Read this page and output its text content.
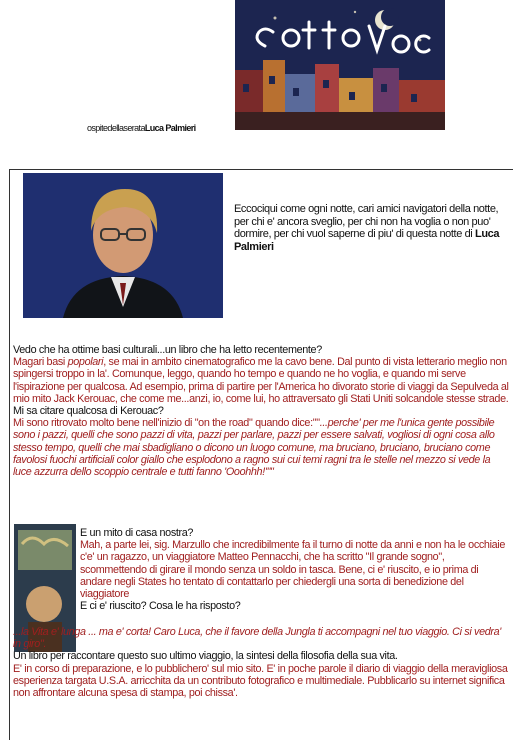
ospitedellaserataLuca Palmieri
Eccociqui come ogni notte, cari amici navigatori della notte, per chi e' ancora sveglio, per chi non ha voglia o non puo' dormire, per chi vuol saperne di piu' di questa notte di Luca Palmieri
Vedo che ha ottime basi culturali...un libro che ha letto recentemente?
Magari basi popolari, se mai in ambito cinematografico me la cavo bene. Dal punto di vista letterario meglio non spingersi troppo in la'. Comunque, leggo, quando ho tempo e quando ne ho voglia, e quando mi serve l'ispirazione per qualcosa. Ad esempio, prima di partire per l'America ho divorato storie di viaggi da Sepulveda al mio mito Jack Kerouac, che come me...anzi, io, come lui, ho attraversato gli Stati Uniti solcandole stesse strade.
Mi sa citare qualcosa di Kerouac?
Mi sono ritrovato molto bene nell'inizio di "on the road" quando dice:""...perche' per me l'unica gente possibile sono i pazzi, quelli che sono pazzi di vita, pazzi per parlare, pazzi per essere salvati, vogliosi di ogni cosa allo stesso tempo, quelli che mai sbadigliano o dicono un luogo comune, ma bruciano, bruciano, bruciano come favolosi fuochi artificiali color giallo che esplodono a ragno sui cui temi ragni tra le stelle nel mezzo si vede la luce azzurra dello scoppio centrale e tutti fanno 'Ooohhh!'""
E un mito di casa nostra?
Mah, a parte lei, sig. Marzullo che incredibilmente fa il turno di notte da anni e non ha le occhiaie c'e' un ragazzo, un viaggiatore Matteo Pennacchi, che ha scritto "Il grande sogno", scommettendo di girare il mondo senza un soldo in tasca. Bene, ci e' riuscito, e io prima di andare negli States ho tentato di contattarlo per chiedergli una sorta di benedizione del viaggiatore
E ci e' riuscito? Cosa le ha risposto?
...la Vita e' lunga ... ma e' corta! Caro Luca, che il favore della Jungla ti accompagni nel tuo viaggio. Ci si vedra' in giro".
Un libro per raccontare questo suo ultimo viaggio, la sintesi della filosofia della sua vita.
E' in corso di preparazione, e lo pubblichero' sul mio sito. E' in poche parole il diario di viaggio della meravigliosa esperienza targata U.S.A. arricchita da un contributo fotografico e multimediale. Pubblicarlo su internet significa non affrontare alcuna spesa di stampa, poi chissa'.
